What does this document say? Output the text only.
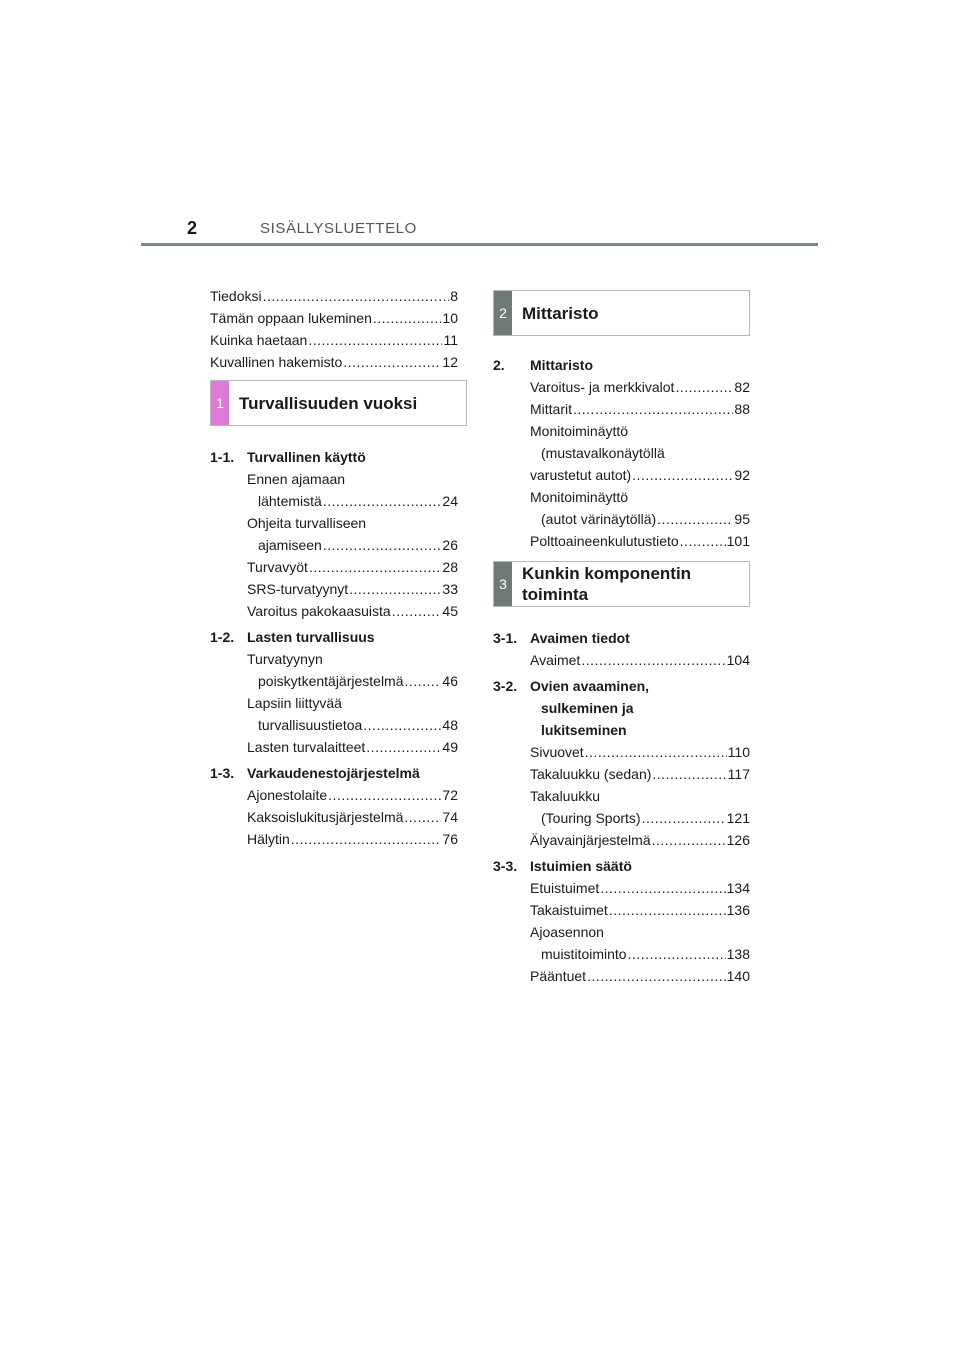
2	SISÄLLYSLUETTELO
Tiedoksi .....	8
Tämän oppaan lukeminen .....	10
Kuinka haetaan .....	11
Kuvallinen hakemisto .....	12
1 Turvallisuuden vuoksi
1-1. Turvallinen käyttö
Ennen ajamaan
lähtemistä .....	24
Ohjeita turvalliseen
ajamiseen .....	26
Turvavyöt .....	28
SRS-turvatyynyt .....	33
Varoitus pakokaasuista .....	45
1-2. Lasten turvallisuus
Turvatyynyn
poiskytkentäjärjestelmä .....	46
Lapsiin liittyvää
turvallisuustietoa .....	48
Lasten turvalaitteet .....	49
1-3. Varkaudenestojärjestelmä
Ajonestolaite .....	72
Kaksoislukitusjärjestelmä .....	74
Hälytin .....	76
2 Mittaristo
2.	Mittaristo
Varoitus- ja merkkivalot .....	82
Mittarit .....	88
Monitoiminäyttö
(mustavalkonäytöllä
varustetut autot) .....	92
Monitoiminäyttö
(autot värinäytöllä) .....	95
Polttoaineenkulutustieto .....	101
3
Kunkin komponentin
toiminta
3-1. Avaimen tiedot
Avaimet .....	104
3-2. Ovien avaaminen,
sulkeminen ja
lukitseminen
Sivuovet .....	110
Takaluukku (sedan) .....	117
Takaluukku
(Touring Sports) .....	121
Älyavainjärjestelmä .....	126
3-3. Istuimien säätö
Etuistuimet .....	134
Takaistuimet .....	136
Ajoasennon
muistitoiminto .....	138
Pääntuet .....	140
